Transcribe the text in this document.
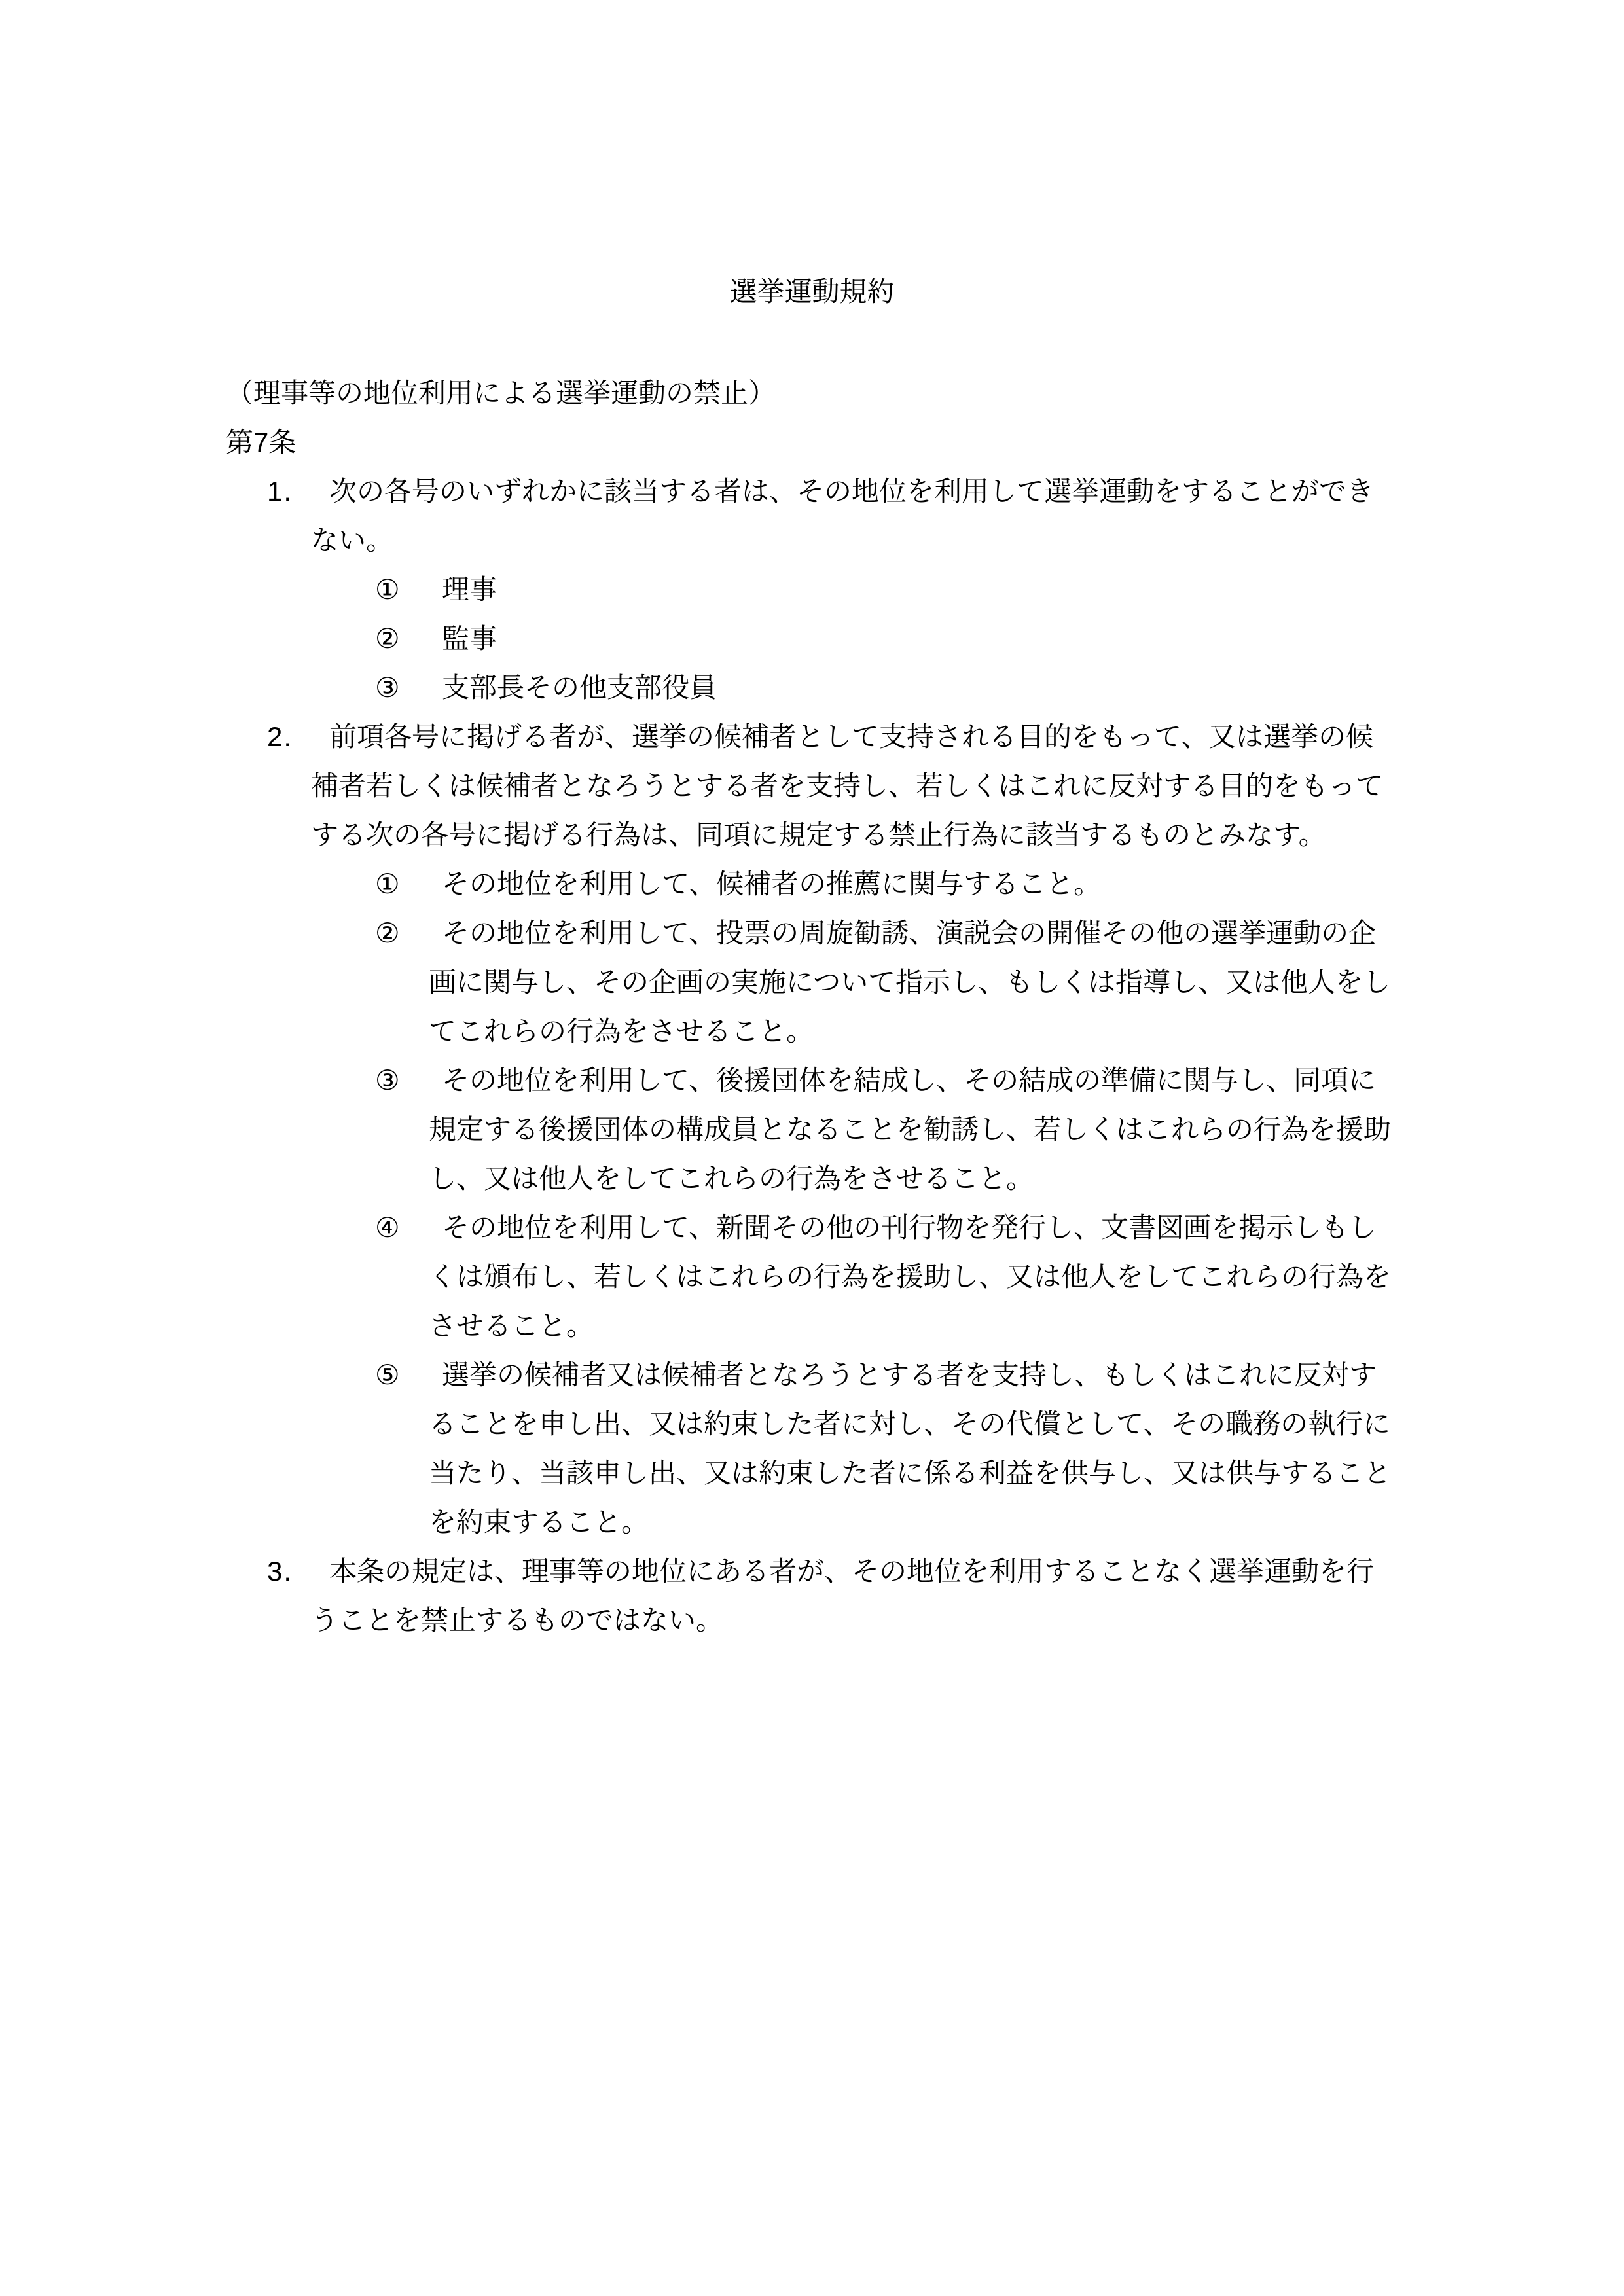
選挙運動規約
（理事等の地位利用による選挙運動の禁止）
第7条
1.	次の各号のいずれかに該当する者は、その地位を利用して選挙運動をすることができない。
①	理事
②	監事
③	支部長その他支部役員
2.	前項各号に掲げる者が、選挙の候補者として支持される目的をもって、又は選挙の候補者若しくは候補者となろうとする者を支持し、若しくはこれに反対する目的をもってする次の各号に掲げる行為は、同項に規定する禁止行為に該当するものとみなす。
①	その地位を利用して、候補者の推薦に関与すること。
②	その地位を利用して、投票の周旋勧誘、演説会の開催その他の選挙運動の企画に関与し、その企画の実施について指示し、もしくは指導し、又は他人をしてこれらの行為をさせること。
③	その地位を利用して、後援団体を結成し、その結成の準備に関与し、同項に規定する後援団体の構成員となることを勧誘し、若しくはこれらの行為を援助し、又は他人をしてこれらの行為をさせること。
④	その地位を利用して、新聞その他の刊行物を発行し、文書図画を掲示しもしくは頒布し、若しくはこれらの行為を援助し、又は他人をしてこれらの行為をさせること。
⑤	選挙の候補者又は候補者となろうとする者を支持し、もしくはこれに反対することを申し出、又は約束した者に対し、その代償として、その職務の執行に当たり、当該申し出、又は約束した者に係る利益を供与し、又は供与することを約束すること。
3.	本条の規定は、理事等の地位にある者が、その地位を利用することなく選挙運動を行うことを禁止するものではない。
